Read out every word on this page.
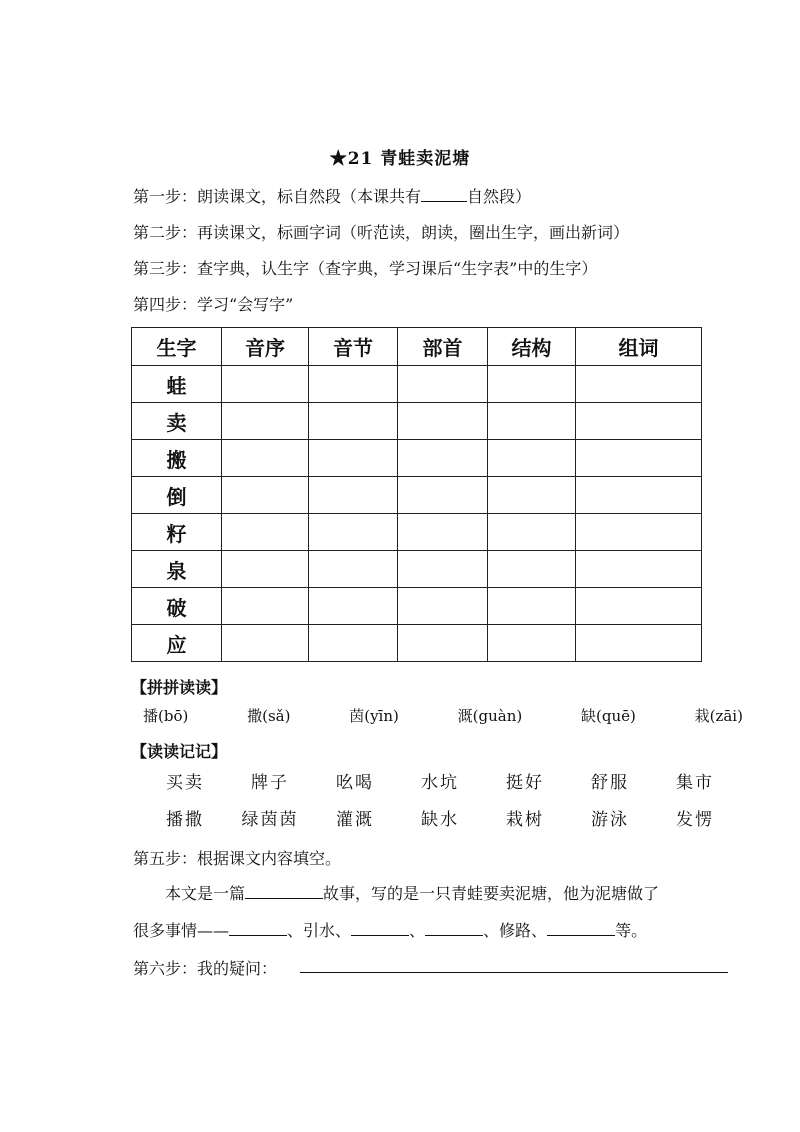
★21 青蛙卖泥塘
第一步：朗读课文，标自然段（本课共有	自然段）
第二步：再读课文，标画字词（听范读，朗读，圈出生字，画出新词）
第三步：查字典，认生字（查字典，学习课后“生字表”中的生字）
第四步：学习“会写字”
生字	音序	音节	部首	结构	组词
蛙					
卖					
搬					
倒					
籽					
泉					
破					
应					
【拼拼读读】
播(bō)	撒(sǎ)	茵(yīn)	溉(guàn)	缺(quē)	栽(zāi)
【读读记记】
买卖	牌子	吆喝	水坑	挺好	舒服	集市
播撒	绿茵茵	灌溉	缺水	栽树	游泳	发愣
第五步：根据课文内容填空。
本文是一篇	故事，写的是一只青蛙要卖泥塘，他为泥塘做了
很多事情——	、引水、	、	、修路、	等。
第六步：我的疑问：
